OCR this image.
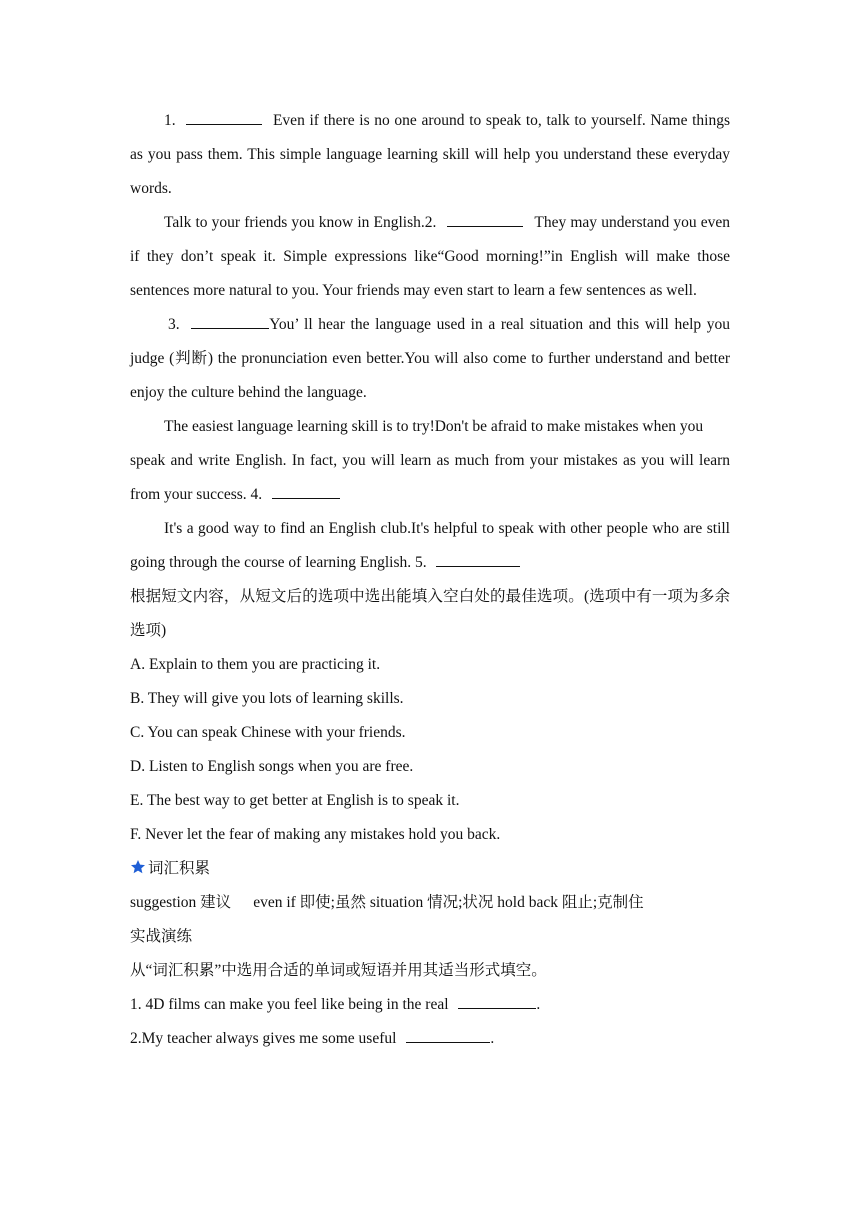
1.	Even if there is no one around to speak to, talk to yourself. Name things as you pass them. This simple language learning skill will help you understand these everyday words.

Talk to your friends you know in English.2.	They may understand you even if they don’t speak it. Simple expressions like“Good morning!”in English will make those sentences more natural to you. Your friends may even start to learn a few sentences as well.

3.	You’ ll hear the language used in a real situation and this will help you judge (判断) the pronunciation even better.You will also come to further understand and better enjoy the culture behind the language.

The easiest language learning skill is to try!Don't be afraid to make mistakes when you

speak and write English. In fact, you will learn as much from your mistakes as you will learn from your success. 4.

It's a good way to find an English club.It's helpful to speak with other people who are still going through the course of learning English. 5.

根据短文内容，从短文后的选项中选出能填入空白处的最佳选项。(选项中有一项为多余选项)

A. Explain to them you are practicing it.

B. They will give you lots of learning skills.

C. You can speak Chinese with your friends.

D. Listen to English songs when you are free.

E. The best way to get better at English is to speak it.

F. Never let the fear of making any mistakes hold you back.

词汇积累

suggestion 建议 even if 即使;虽然 situation 情况;状况 hold back 阻止;克制住

实战演练

从“词汇积累”中选用合适的单词或短语并用其适当形式填空。

1. 4D films can make you feel like being in the real	.

2.My teacher always gives me some useful	.
